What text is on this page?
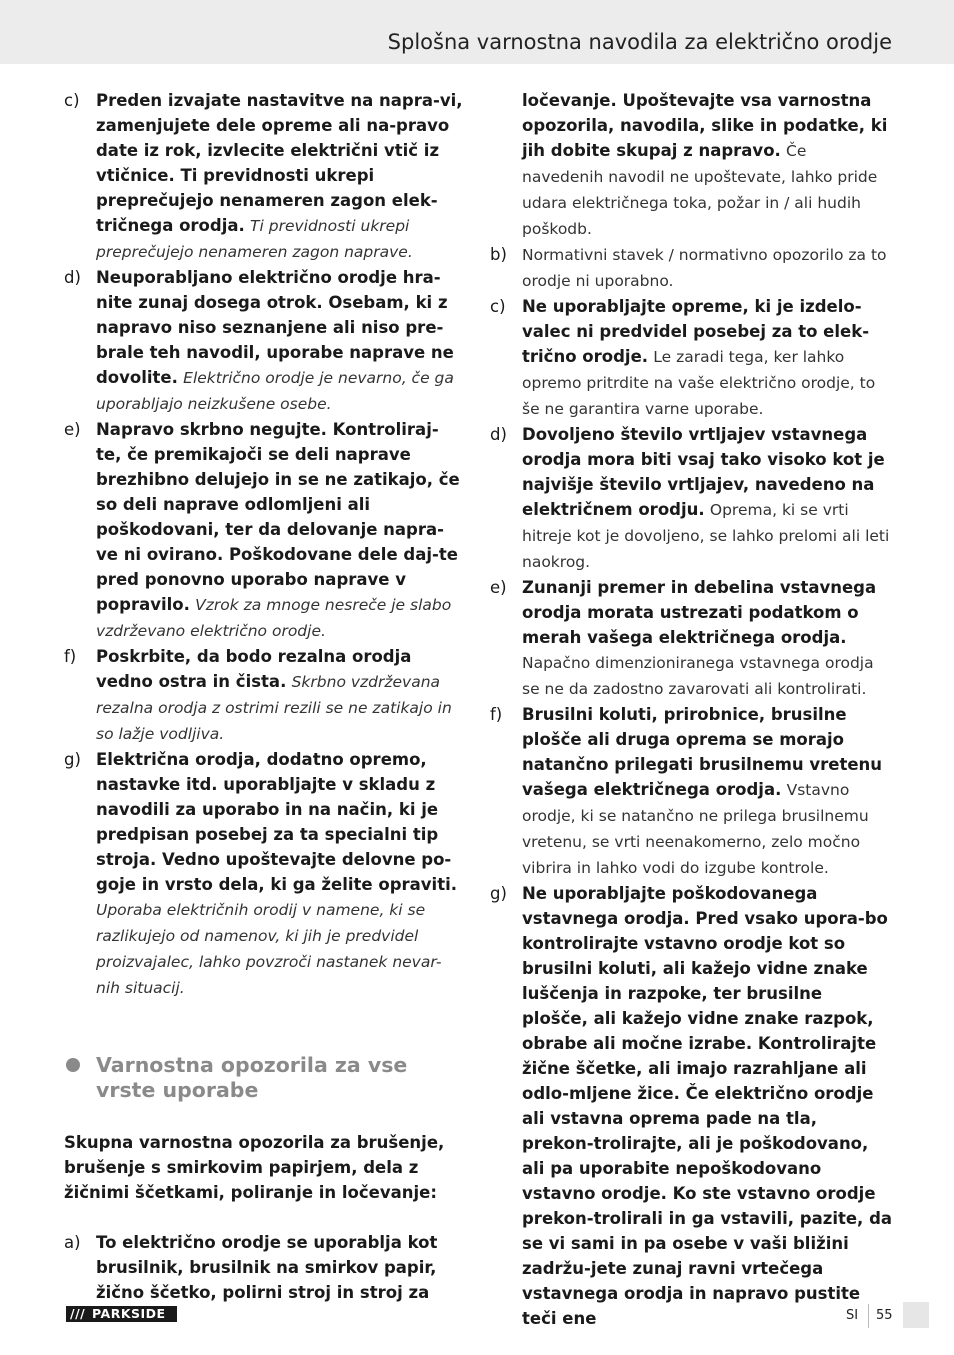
Splošna varnostna navodila za električno orodje

c) Preden izvajate nastavitve na napra-vi, zamenjujete dele opreme ali na-pravo date iz rok, izvlecite električni vtič iz vtičnice. Ti previdnosti ukrepi preprečujejo nenameren zagon elek-tričnega orodja. Ti previdnosti ukrepi preprečujejo nenameren zagon naprave.

d) Neuporabljano električno orodje hra-nite zunaj dosega otrok. Osebam, ki z napravo niso seznanjene ali niso pre-brale teh navodil, uporabe naprave ne dovolite. Električno orodje je nevarno, če ga uporabljajo neizkušene osebe.

e) Napravo skrbno negujte. Kontroliraj-te, če premikajoči se deli naprave brezhibno delujejo in se ne zatikajo, če so deli naprave odlomljeni ali poškodovani, ter da delovanje napra-ve ni ovirano. Poškodovane dele daj-te pred ponovno uporabo naprave v popravilo. Vzrok za mnoge nesreče je slabo vzdrževano električno orodje.

f) Poskrbite, da bodo rezalna orodja vedno ostra in čista. Skrbno vzdrževana rezalna orodja z ostrimi rezili se ne zatikajo in so lažje vodljiva.

g) Električna orodja, dodatno opremo, nastavke itd. uporabljajte v skladu z navodili za uporabo in na način, ki je predpisan posebej za ta specialni tip stroja. Vedno upoštevajte delovne po-goje in vrsto dela, ki ga želite opraviti. Uporaba električnih orodij v namene, ki se razlikujejo od namenov, ki jih je predvidel proizvajalec, lahko povzroči nastanek nevar-nih situacij.

Varnostna opozorila za vse vrste uporabe

Skupna varnostna opozorila za brušenje, brušenje s smirkovim papirjem, dela z žičnimi ščetkami, poliranje in ločevanje:

a) To električno orodje se uporablja kot brusilnik, brusilnik na smirkov papir, žično ščetko, polirni stroj in stroj za

ločevanje. Upoštevajte vsa varnostna opozorila, navodila, slike in podatke, ki jih dobite skupaj z napravo. Če navedenih navodil ne upoštevate, lahko pride udara električnega toka, požar in / ali hudih poškodb.

b) Normativni stavek / normativno opozorilo za to orodje ni uporabno.

c) Ne uporabljajte opreme, ki je izdelo-valec ni predvidel posebej za to elek-trično orodje. Le zaradi tega, ker lahko opremo pritrdite na vaše električno orodje, to še ne garantira varne uporabe.

d) Dovoljeno število vrtljajev vstavnega orodja mora biti vsaj tako visoko kot je najvišje število vrtljajev, navedeno na električnem orodju. Oprema, ki se vrti hitreje kot je dovoljeno, se lahko prelomi ali leti naokrog.

e) Zunanji premer in debelina vstavnega orodja morata ustrezati podatkom o merah vašega električnega orodja. Napačno dimenzioniranega vstavnega orodja se ne da zadostno zavarovati ali kontrolirati.

f) Brusilni koluti, prirobnice, brusilne plošče ali druga oprema se morajo natančno prilegati brusilnemu vretenu vašega električnega orodja. Vstavno orodje, ki se natančno ne prilega brusilnemu vretenu, se vrti neenakomerno, zelo močno vibrira in lahko vodi do izgube kontrole.

g) Ne uporabljajte poškodovanega vstavnega orodja. Pred vsako upora-bo kontrolirajte vstavno orodje kot so brusilni koluti, ali kažejo vidne znake luščenja in razpoke, ter brusilne plošče, ali kažejo vidne znake razpok, obrabe ali močne izrabe. Kontrolirajte žične ščetke, ali imajo razrahljane ali odlo-mljene žice. Če električno orodje ali vstavna oprema pade na tla, prekon-trolirajte, ali je poškodovano, ali pa uporabite nepoškodovano vstavno orodje. Ko ste vstavno orodje prekon-trolirali in ga vstavili, pazite, da se vi sami in pa osebe v vaši bližini zadržu-jete zunaj ravni vrtečega vstavnega orodja in napravo pustite teči ene

/// PARKSIDE	SI 55
